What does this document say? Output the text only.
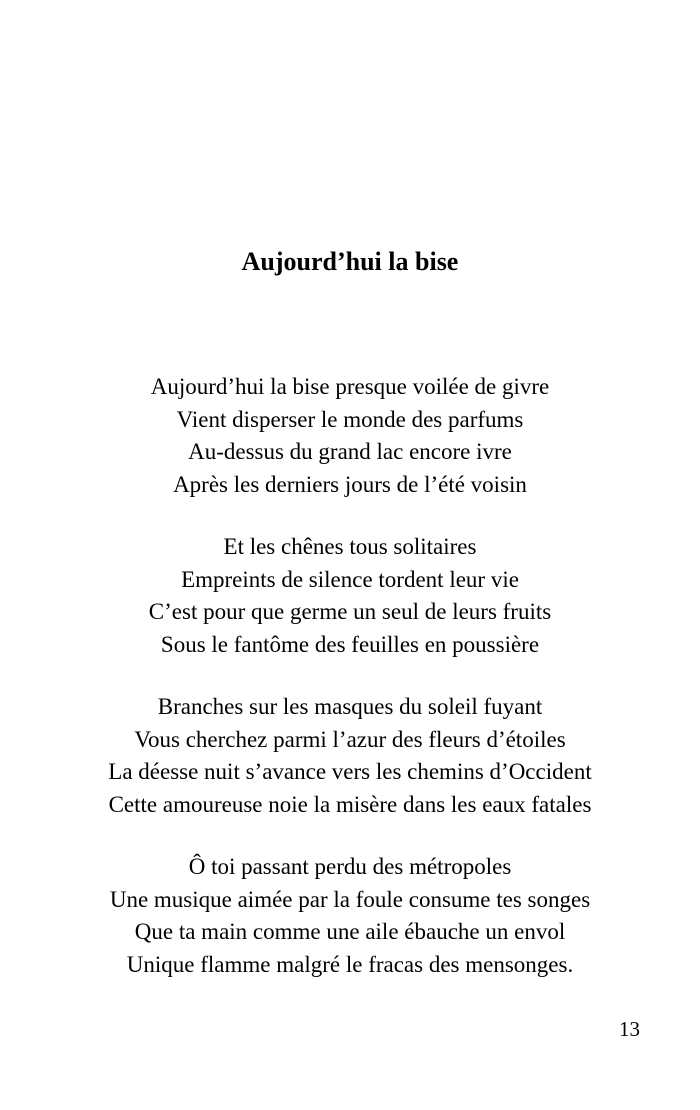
Aujourd’hui la bise
Aujourd’hui la bise presque voilée de givre
Vient disperser le monde des parfums
Au-dessus du grand lac encore ivre
Après les derniers jours de l’été voisin
Et les chênes tous solitaires
Empreints de silence tordent leur vie
C’est pour que germe un seul de leurs fruits
Sous le fantôme des feuilles en poussière
Branches sur les masques du soleil fuyant
Vous cherchez parmi l’azur des fleurs d’étoiles
La déesse nuit s’avance vers les chemins d’Occident
Cette amoureuse noie la misère dans les eaux fatales
Ô toi passant perdu des métropoles
Une musique aimée par la foule consume tes songes
Que ta main comme une aile ébauche un envol
Unique flamme malgré le fracas des mensonges.
13
